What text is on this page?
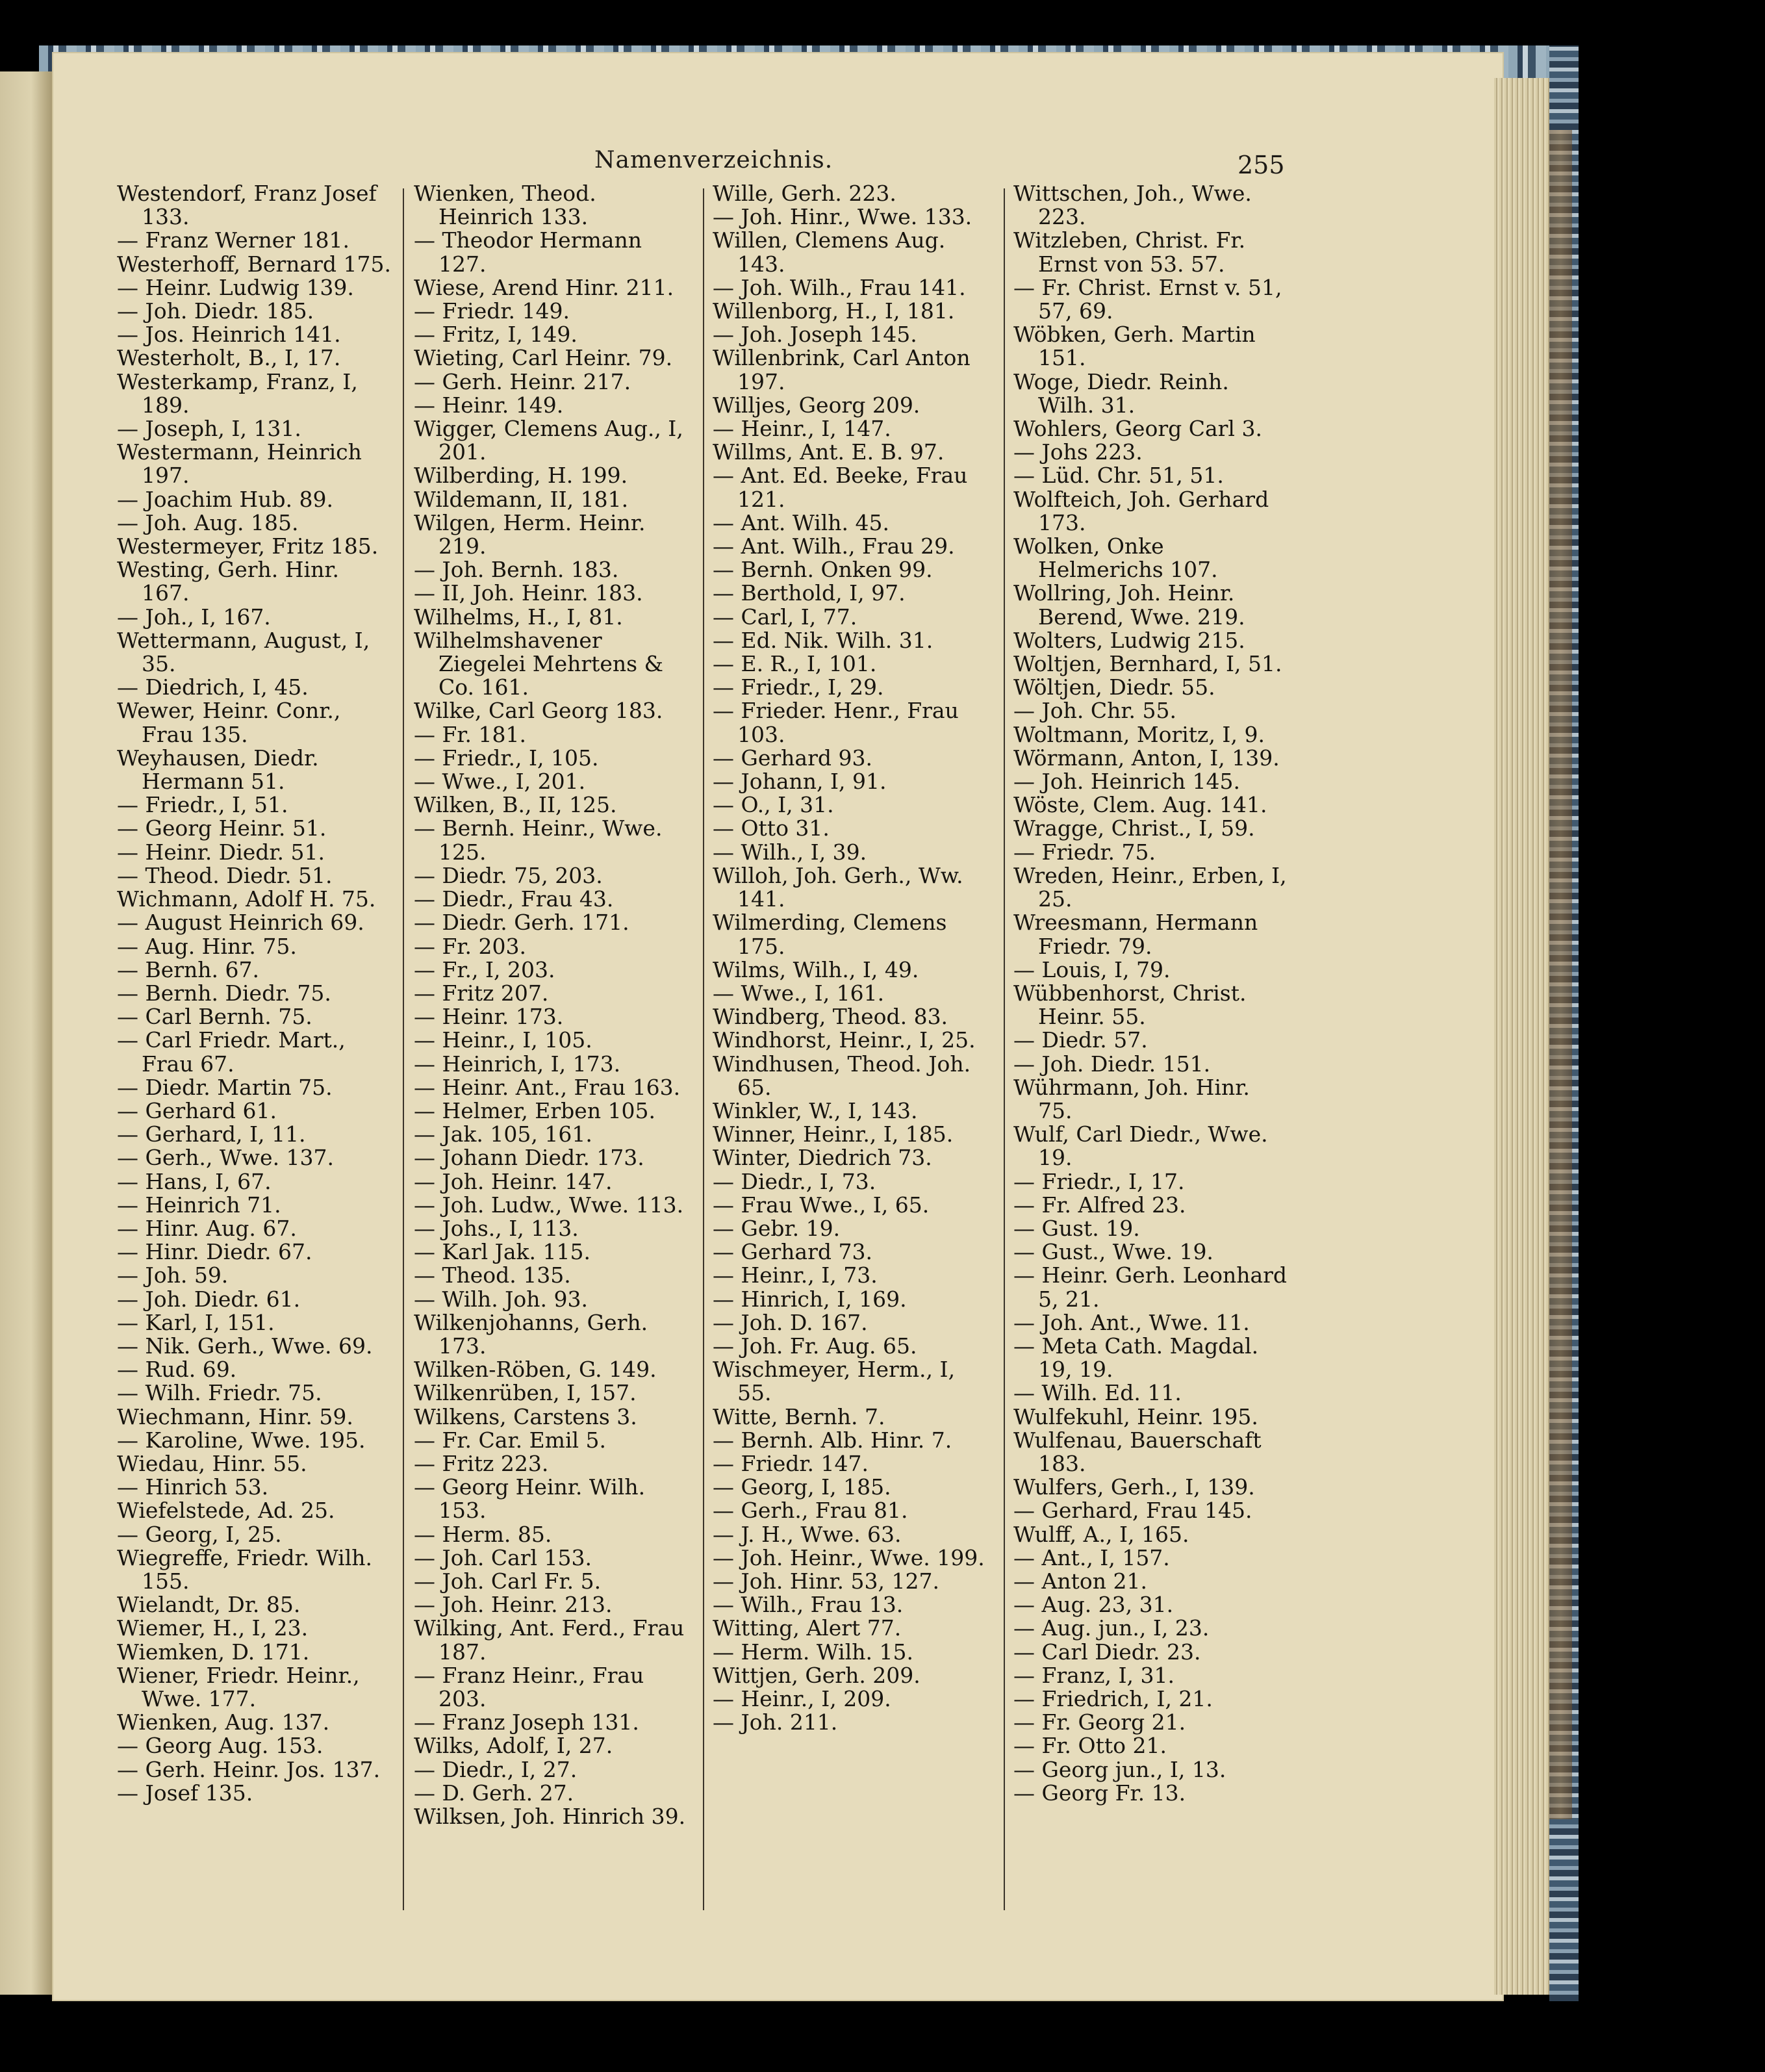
Namenverzeichnis.	255

Westendorf, Franz Josef 133.

— Franz Werner 181.

Westerhoff, Bernard 175.

— Heinr. Ludwig 139.

— Joh. Diedr. 185.

— Jos. Heinrich 141.

Westerholt, B., I, 17.

Westerkamp, Franz, I, 189.

— Joseph, I, 131.

Westermann, Heinrich 197.

— Joachim Hub. 89.

— Joh. Aug. 185.

Westermeyer, Fritz 185.

Westing, Gerh. Hinr. 167.

— Joh., I, 167.

Wettermann, August, I, 35.

— Diedrich, I, 45.

Wewer, Heinr. Conr., Frau 135.

Weyhausen, Diedr. Hermann 51.

— Friedr., I, 51.

— Georg Heinr. 51.

— Heinr. Diedr. 51.

— Theod. Diedr. 51.

Wichmann, Adolf H. 75.

— August Heinrich 69.

— Aug. Hinr. 75.

— Bernh. 67.

— Bernh. Diedr. 75.

— Carl Bernh. 75.

— Carl Friedr. Mart., Frau 67.

— Diedr. Martin 75.

— Gerhard 61.

— Gerhard, I, 11.

— Gerh., Wwe. 137.

— Hans, I, 67.

— Heinrich 71.

— Hinr. Aug. 67.

— Hinr. Diedr. 67.

— Joh. 59.

— Joh. Diedr. 61.

— Karl, I, 151.

— Nik. Gerh., Wwe. 69.

— Rud. 69.

— Wilh. Friedr. 75.

Wiechmann, Hinr. 59.

— Karoline, Wwe. 195.

Wiedau, Hinr. 55.

— Hinrich 53.

Wiefelstede, Ad. 25.

— Georg, I, 25.

Wiegreffe, Friedr. Wilh. 155.

Wielandt, Dr. 85.

Wiemer, H., I, 23.

Wiemken, D. 171.

Wiener, Friedr. Heinr., Wwe. 177.

Wienken, Aug. 137.

— Georg Aug. 153.

— Gerh. Heinr. Jos. 137.

— Josef 135.

Wienken, Theod. Heinrich 133.

— Theodor Hermann 127.

Wiese, Arend Hinr. 211.

— Friedr. 149.

— Fritz, I, 149.

Wieting, Carl Heinr. 79.

— Gerh. Heinr. 217.

— Heinr. 149.

Wigger, Clemens Aug., I, 201.

Wilberding, H. 199.

Wildemann, II, 181.

Wilgen, Herm. Heinr. 219.

— Joh. Bernh. 183.

— II, Joh. Heinr. 183.

Wilhelms, H., I, 81.

Wilhelmshavener Ziegelei Mehrtens & Co. 161.

Wilke, Carl Georg 183.

— Fr. 181.

— Friedr., I, 105.

— Wwe., I, 201.

Wilken, B., II, 125.

— Bernh. Heinr., Wwe. 125.

— Diedr. 75, 203.

— Diedr., Frau 43.

— Diedr. Gerh. 171.

— Fr. 203.

— Fr., I, 203.

— Fritz 207.

— Heinr. 173.

— Heinr., I, 105.

— Heinrich, I, 173.

— Heinr. Ant., Frau 163.

— Helmer, Erben 105.

— Jak. 105, 161.

— Johann Diedr. 173.

— Joh. Heinr. 147.

— Joh. Ludw., Wwe. 113.

— Johs., I, 113.

— Karl Jak. 115.

— Theod. 135.

— Wilh. Joh. 93.

Wilkenjohanns, Gerh. 173.

Wilken-Röben, G. 149.

Wilkenrüben, I, 157.

Wilkens, Carstens 3.

— Fr. Car. Emil 5.

— Fritz 223.

— Georg Heinr. Wilh. 153.

— Herm. 85.

— Joh. Carl 153.

— Joh. Carl Fr. 5.

— Joh. Heinr. 213.

Wilking, Ant. Ferd., Frau 187.

— Franz Heinr., Frau 203.

— Franz Joseph 131.

Wilks, Adolf, I, 27.

— Diedr., I, 27.

— D. Gerh. 27.

Wilksen, Joh. Hinrich 39.

Wille, Gerh. 223.

— Joh. Hinr., Wwe. 133.

Willen, Clemens Aug. 143.

— Joh. Wilh., Frau 141.

Willenborg, H., I, 181.

— Joh. Joseph 145.

Willenbrink, Carl Anton 197.

Willjes, Georg 209.

— Heinr., I, 147.

Willms, Ant. E. B. 97.

— Ant. Ed. Beeke, Frau 121.

— Ant. Wilh. 45.

— Ant. Wilh., Frau 29.

— Bernh. Onken 99.

— Berthold, I, 97.

— Carl, I, 77.

— Ed. Nik. Wilh. 31.

— E. R., I, 101.

— Friedr., I, 29.

— Frieder. Henr., Frau 103.

— Gerhard 93.

— Johann, I, 91.

— O., I, 31.

— Otto 31.

— Wilh., I, 39.

Willoh, Joh. Gerh., Ww. 141.

Wilmerding, Clemens 175.

Wilms, Wilh., I, 49.

— Wwe., I, 161.

Windberg, Theod. 83.

Windhorst, Heinr., I, 25.

Windhusen, Theod. Joh. 65.

Winkler, W., I, 143.

Winner, Heinr., I, 185.

Winter, Diedrich 73.

— Diedr., I, 73.

— Frau Wwe., I, 65.

— Gebr. 19.

— Gerhard 73.

— Heinr., I, 73.

— Hinrich, I, 169.

— Joh. D. 167.

— Joh. Fr. Aug. 65.

Wischmeyer, Herm., I, 55.

Witte, Bernh. 7.

— Bernh. Alb. Hinr. 7.

— Friedr. 147.

— Georg, I, 185.

— Gerh., Frau 81.

— J. H., Wwe. 63.

— Joh. Heinr., Wwe. 199.

— Joh. Hinr. 53, 127.

— Wilh., Frau 13.

Witting, Alert 77.

— Herm. Wilh. 15.

Wittjen, Gerh. 209.

— Heinr., I, 209.

— Joh. 211.

Wittschen, Joh., Wwe. 223.

Witzleben, Christ. Fr. Ernst von 53. 57.

— Fr. Christ. Ernst v. 51, 57, 69.

Wöbken, Gerh. Martin 151.

Woge, Diedr. Reinh. Wilh. 31.

Wohlers, Georg Carl 3.

— Johs 223.

— Lüd. Chr. 51, 51.

Wolfteich, Joh. Gerhard 173.

Wolken, Onke Helmerichs 107.

Wollring, Joh. Heinr. Berend, Wwe. 219.

Wolters, Ludwig 215.

Woltjen, Bernhard, I, 51.

Wöltjen, Diedr. 55.

— Joh. Chr. 55.

Woltmann, Moritz, I, 9.

Wörmann, Anton, I, 139.

— Joh. Heinrich 145.

Wöste, Clem. Aug. 141.

Wragge, Christ., I, 59.

— Friedr. 75.

Wreden, Heinr., Erben, I, 25.

Wreesmann, Hermann Friedr. 79.

— Louis, I, 79.

Wübbenhorst, Christ. Heinr. 55.

— Diedr. 57.

— Joh. Diedr. 151.

Wührmann, Joh. Hinr. 75.

Wulf, Carl Diedr., Wwe. 19.

— Friedr., I, 17.

— Fr. Alfred 23.

— Gust. 19.

— Gust., Wwe. 19.

— Heinr. Gerh. Leonhard 5, 21.

— Joh. Ant., Wwe. 11.

— Meta Cath. Magdal. 19, 19.

— Wilh. Ed. 11.

Wulfekuhl, Heinr. 195.

Wulfenau, Bauerschaft 183.

Wulfers, Gerh., I, 139.

— Gerhard, Frau 145.

Wulff, A., I, 165.

— Ant., I, 157.

— Anton 21.

— Aug. 23, 31.

— Aug. jun., I, 23.

— Carl Diedr. 23.

— Franz, I, 31.

— Friedrich, I, 21.

— Fr. Georg 21.

— Fr. Otto 21.

— Georg jun., I, 13.

— Georg Fr. 13.
